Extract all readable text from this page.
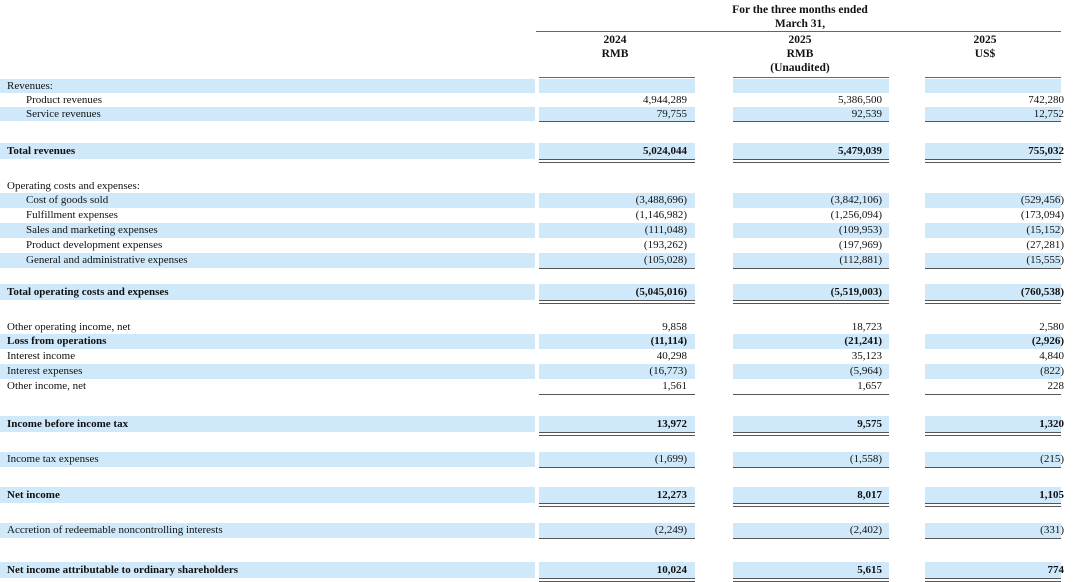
For the three months ended
March 31,
2024
RMB
2025
RMB
(Unaudited)
2025
US$
Revenues:
Product revenues	4,944,289	5,386,500	742,280
Service revenues	79,755	92,539	12,752
Total revenues	5,024,044	5,479,039	755,032
Operating costs and expenses:
Cost of goods sold	(3,488,696)	(3,842,106)	(529,456)
Fulfillment expenses	(1,146,982)	(1,256,094)	(173,094)
Sales and marketing expenses	(111,048)	(109,953)	(15,152)
Product development expenses	(193,262)	(197,969)	(27,281)
General and administrative expenses	(105,028)	(112,881)	(15,555)
Total operating costs and expenses	(5,045,016)	(5,519,003)	(760,538)
Other operating income, net	9,858	18,723	2,580
Loss from operations	(11,114)	(21,241)	(2,926)
Interest income	40,298	35,123	4,840
Interest expenses	(16,773)	(5,964)	(822)
Other income, net	1,561	1,657	228
Income before income tax	13,972	9,575	1,320
Income tax expenses	(1,699)	(1,558)	(215)
Net income	12,273	8,017	1,105
Accretion of redeemable noncontrolling interests	(2,249)	(2,402)	(331)
Net income attributable to ordinary shareholders	10,024	5,615	774
